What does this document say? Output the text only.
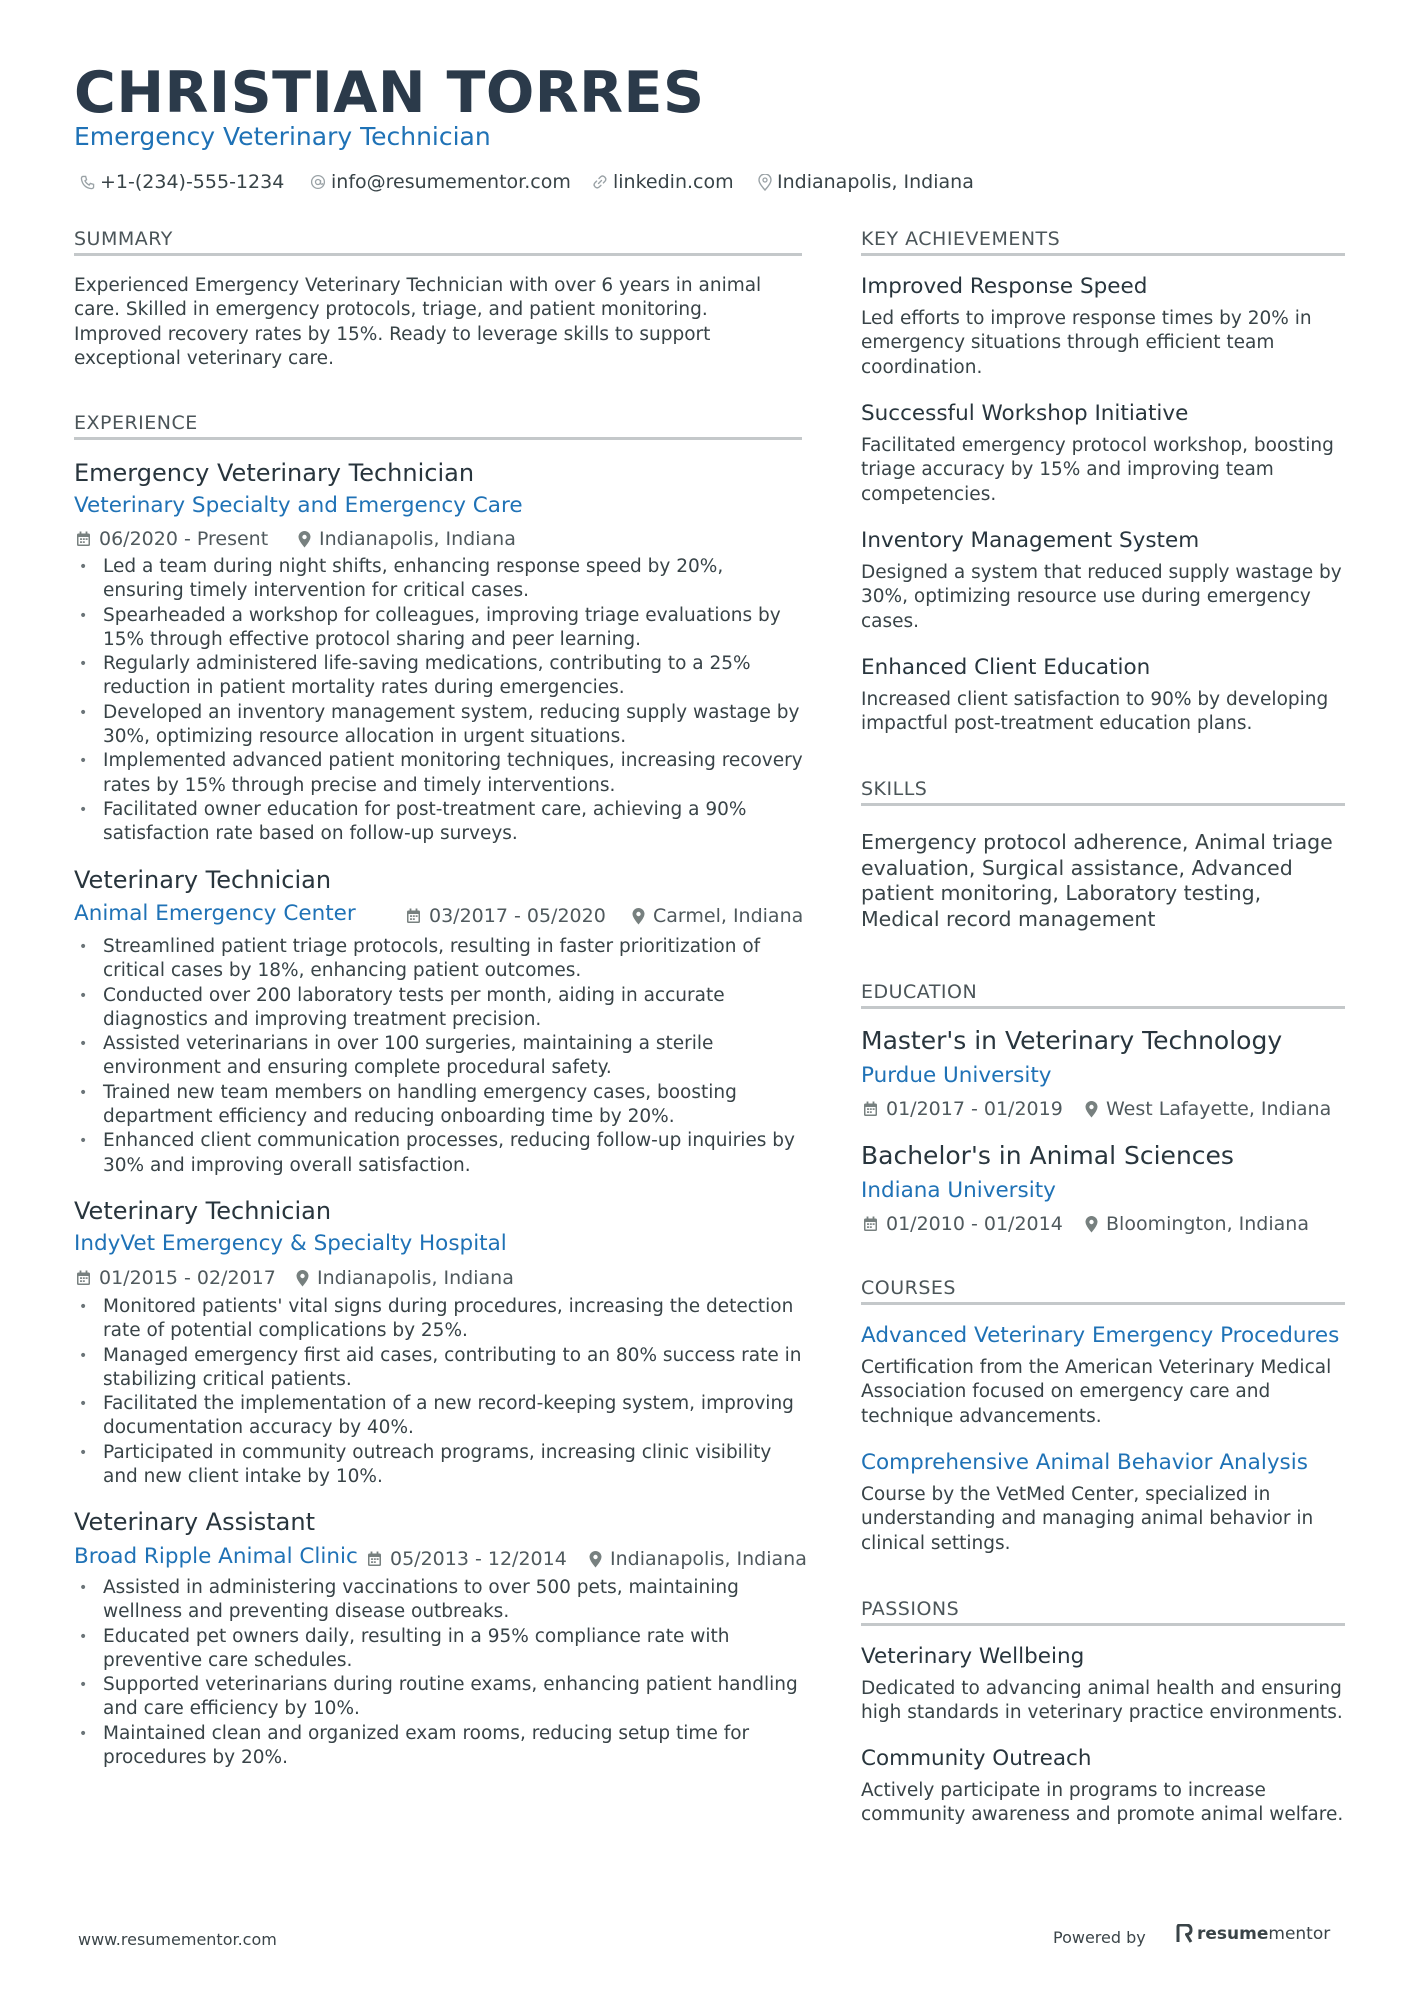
CHRISTIAN TORRES
Emergency Veterinary Technician
+1-(234)-555-1234 info@resumementor.com linkedin.com Indianapolis, Indiana
SUMMARY
Experienced Emergency Veterinary Technician with over 6 years in animal care. Skilled in emergency protocols, triage, and patient monitoring. Improved recovery rates by 15%. Ready to leverage skills to support exceptional veterinary care.
EXPERIENCE
Emergency Veterinary Technician
Veterinary Specialty and Emergency Care
06/2020 - Present	Indianapolis, Indiana
• Led a team during night shifts, enhancing response speed by 20%, ensuring timely intervention for critical cases.
• Spearheaded a workshop for colleagues, improving triage evaluations by 15% through effective protocol sharing and peer learning.
• Regularly administered life-saving medications, contributing to a 25% reduction in patient mortality rates during emergencies.
• Developed an inventory management system, reducing supply wastage by 30%, optimizing resource allocation in urgent situations.
• Implemented advanced patient monitoring techniques, increasing recovery rates by 15% through precise and timely interventions.
• Facilitated owner education for post-treatment care, achieving a 90% satisfaction rate based on follow-up surveys.
Veterinary Technician
Animal Emergency Center	03/2017 - 05/2020 Carmel, Indiana
• Streamlined patient triage protocols, resulting in faster prioritization of critical cases by 18%, enhancing patient outcomes.
• Conducted over 200 laboratory tests per month, aiding in accurate diagnostics and improving treatment precision.
• Assisted veterinarians in over 100 surgeries, maintaining a sterile environment and ensuring complete procedural safety.
• Trained new team members on handling emergency cases, boosting department efficiency and reducing onboarding time by 20%.
• Enhanced client communication processes, reducing follow-up inquiries by 30% and improving overall satisfaction.
Veterinary Technician
IndyVet Emergency & Specialty Hospital
01/2015 - 02/2017 Indianapolis, Indiana
• Monitored patients' vital signs during procedures, increasing the detection rate of potential complications by 25%.
• Managed emergency first aid cases, contributing to an 80% success rate in stabilizing critical patients.
• Facilitated the implementation of a new record-keeping system, improving documentation accuracy by 40%.
• Participated in community outreach programs, increasing clinic visibility and new client intake by 10%.
Veterinary Assistant
Broad Ripple Animal Clinic 05/2013 - 12/2014 Indianapolis, Indiana
• Assisted in administering vaccinations to over 500 pets, maintaining wellness and preventing disease outbreaks.
• Educated pet owners daily, resulting in a 95% compliance rate with preventive care schedules.
• Supported veterinarians during routine exams, enhancing patient handling and care efficiency by 10%.
• Maintained clean and organized exam rooms, reducing setup time for procedures by 20%.
KEY ACHIEVEMENTS
Improved Response Speed
Led efforts to improve response times by 20% in emergency situations through efficient team coordination.
Successful Workshop Initiative
Facilitated emergency protocol workshop, boosting triage accuracy by 15% and improving team competencies.
Inventory Management System
Designed a system that reduced supply wastage by 30%, optimizing resource use during emergency cases.
Enhanced Client Education
Increased client satisfaction to 90% by developing impactful post-treatment education plans.
SKILLS
Emergency protocol adherence, Animal triage evaluation, Surgical assistance, Advanced patient monitoring, Laboratory testing, Medical record management
EDUCATION
Master's in Veterinary Technology
Purdue University
01/2017 - 01/2019 West Lafayette, Indiana
Bachelor's in Animal Sciences
Indiana University
01/2010 - 01/2014 Bloomington, Indiana
COURSES
Advanced Veterinary Emergency Procedures
Certification from the American Veterinary Medical Association focused on emergency care and technique advancements.
Comprehensive Animal Behavior Analysis
Course by the VetMed Center, specialized in understanding and managing animal behavior in clinical settings.
PASSIONS
Veterinary Wellbeing
Dedicated to advancing animal health and ensuring high standards in veterinary practice environments.
Community Outreach
Actively participate in programs to increase community awareness and promote animal welfare.
www.resumementor.com	Powered by	resume mentor
